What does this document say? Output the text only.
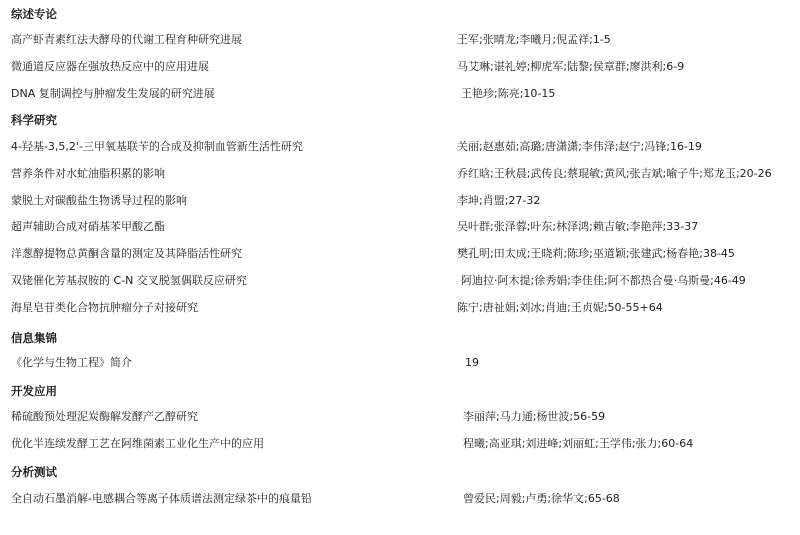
综述专论
高产虾青素红法夫酵母的代谢工程育种研究进展	王军;张晴龙;李曦月;倪孟祥;1-5
微通道反应器在强放热反应中的应用进展	马艾琳;谌礼婷;柳虎军;陆黎;侯章群;廖洪利;6-9
DNA 复制调控与肿瘤发生发展的研究进展	王艳珍;陈亮;10-15
科学研究
4-羟基-3,5,2'-三甲氧基联苄的合成及抑制血管新生活性研究	关丽;赵惠茹;高璐;唐潇潇;李伟泽;赵宁;冯锋;16-19
营养条件对水虻油脂积累的影响	乔红晗;王秋晨;武传良;蔡琨敏;黄风;张吉斌;喻子牛;郑龙玉;20-26
蒙脱土对碳酸盐生物诱导过程的影响	李坤;肖盟;27-32
超声辅助合成对硝基苯甲酸乙酯	吴叶群;张泽蓉;叶东;林泽鸿;赖吉敏;李艳萍;33-37
洋葱醇提物总黄酮含量的测定及其降脂活性研究	樊孔明;田太成;王晓莉;陈珍;巫道颖;张建武;杨春艳;38-45
双铑催化芳基叔胺的 C-N 交叉脱氢偶联反应研究	阿迪拉·阿木提;徐秀娟;李佳佳;阿不都热合曼·乌斯曼;46-49
海星皂苷类化合物抗肿瘤分子对接研究	陈宁;唐祉娟;刘冰;肖迪;王贞妮;50-55+64
信息集锦
《化学与生物工程》简介	19
开发应用
稀硫酸预处理泥炭酶解发酵产乙醇研究	李丽萍;马力通;杨世波;56-59
优化半连续发酵工艺在阿维菌素工业化生产中的应用	程曦;高亚琪;刘进峰;刘丽虹;王学伟;张力;60-64
分析测试
全自动石墨消解-电感耦合等离子体质谱法测定绿茶中的痕量铅	曾爱民;周毅;卢勇;徐华文;65-68
